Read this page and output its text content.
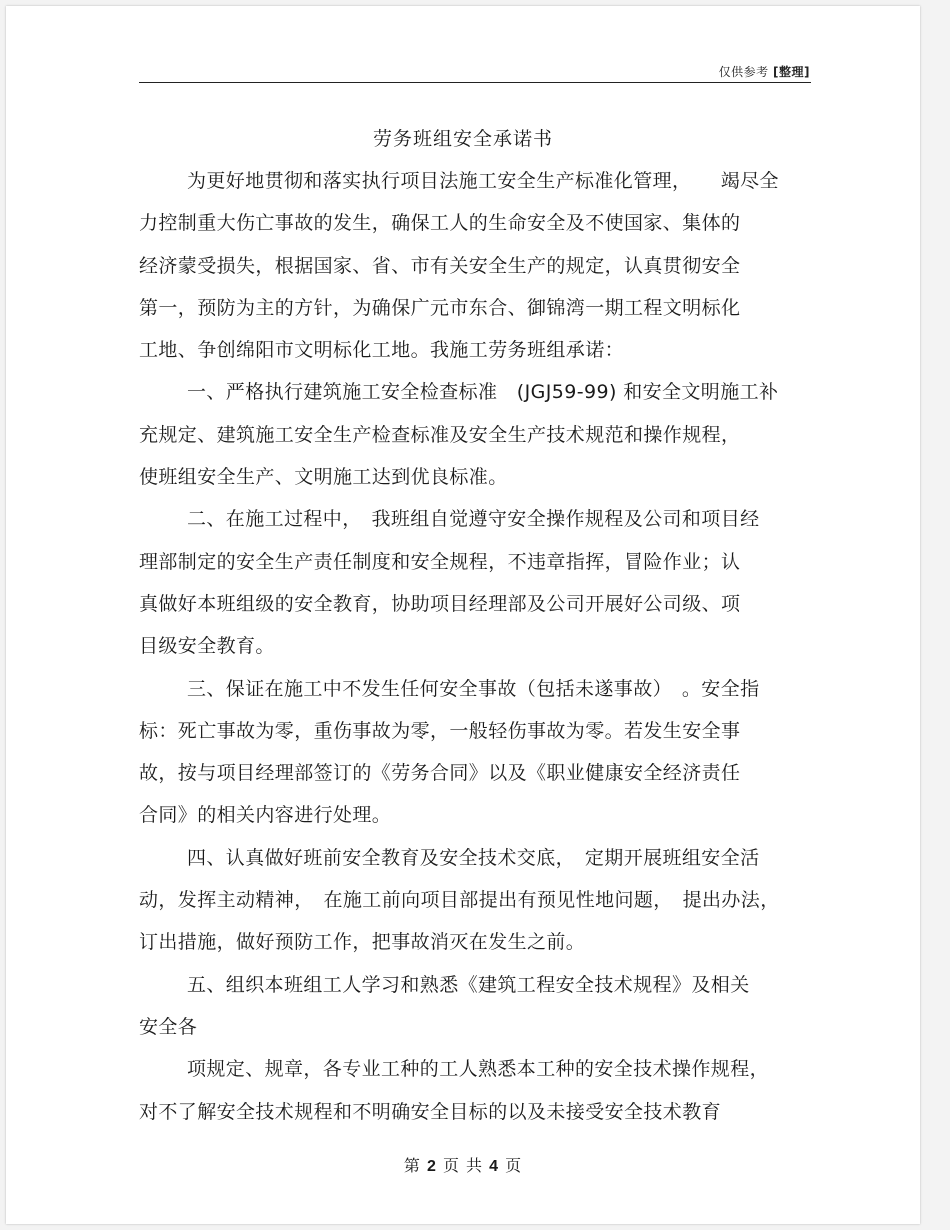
仅供参考 [整理]
劳务班组安全承诺书
为更好地贯彻和落实执行项目法施工安全生产标准化管理，　　竭尽全
力控制重大伤亡事故的发生，确保工人的生命安全及不使国家、集体的
经济蒙受损失，根据国家、省、市有关安全生产的规定，认真贯彻安全
第一，预防为主的方针，为确保广元市东合、御锦湾一期工程文明标化
工地、争创绵阳市文明标化工地。我施工劳务班组承诺：
一、严格执行建筑施工安全检查标准　(JGJ59-99) 和安全文明施工补
充规定、建筑施工安全生产检查标准及安全生产技术规范和操作规程，
使班组安全生产、文明施工达到优良标准。
二、在施工过程中，　我班组自觉遵守安全操作规程及公司和项目经
理部制定的安全生产责任制度和安全规程，不违章指挥，冒险作业；认
真做好本班组级的安全教育，协助项目经理部及公司开展好公司级、项
目级安全教育。
三、保证在施工中不发生任何安全事故（包括未遂事故）　。安全指
标：死亡事故为零，重伤事故为零，一般轻伤事故为零。若发生安全事
故，按与项目经理部签订的《劳务合同》以及《职业健康安全经济责任
合同》的相关内容进行处理。
四、认真做好班前安全教育及安全技术交底，　定期开展班组安全活
动，发挥主动精神，　在施工前向项目部提出有预见性地问题，　提出办法，
订出措施，做好预防工作，把事故消灭在发生之前。
五、组织本班组工人学习和熟悉《建筑工程安全技术规程》及相关
安全各
项规定、规章，各专业工种的工人熟悉本工种的安全技术操作规程，
对不了解安全技术规程和不明确安全目标的以及未接受安全技术教育
第 2 页 共 4 页
